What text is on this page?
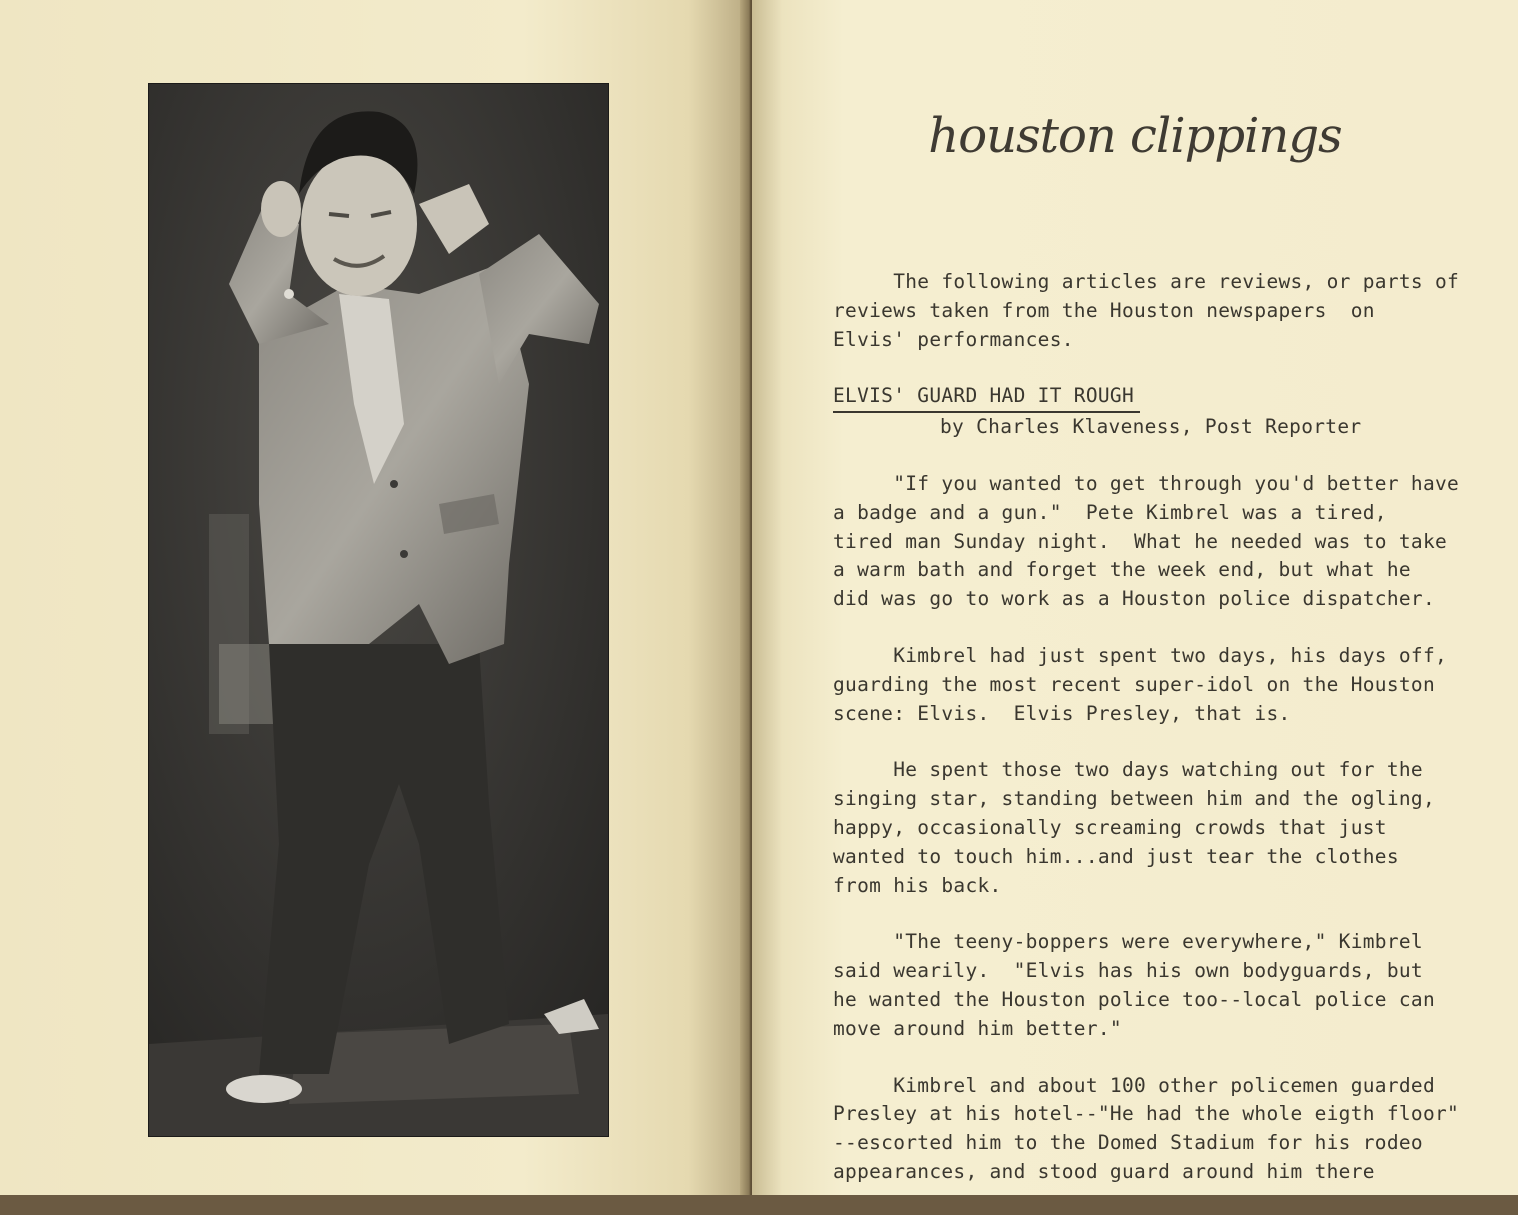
houston clippings

The following articles are reviews, or parts of
reviews taken from the Houston newspapers  on
Elvis' performances.

ELVIS' GUARD HAD IT ROUGH
by Charles Klaveness, Post Reporter

"If you wanted to get through you'd better have
a badge and a gun."  Pete Kimbrel was a tired,
tired man Sunday night.  What he needed was to take
a warm bath and forget the week end, but what he
did was go to work as a Houston police dispatcher.

Kimbrel had just spent two days, his days off,
guarding the most recent super-idol on the Houston
scene: Elvis.  Elvis Presley, that is.

He spent those two days watching out for the
singing star, standing between him and the ogling,
happy, occasionally screaming crowds that just
wanted to touch him...and just tear the clothes
from his back.

"The teeny-boppers were everywhere," Kimbrel
said wearily.  "Elvis has his own bodyguards, but
he wanted the Houston police too--local police can
move around him better."

Kimbrel and about 100 other policemen guarded
Presley at his hotel--"He had the whole eigth floor"
--escorted him to the Domed Stadium for his rodeo
appearances, and stood guard around him there
